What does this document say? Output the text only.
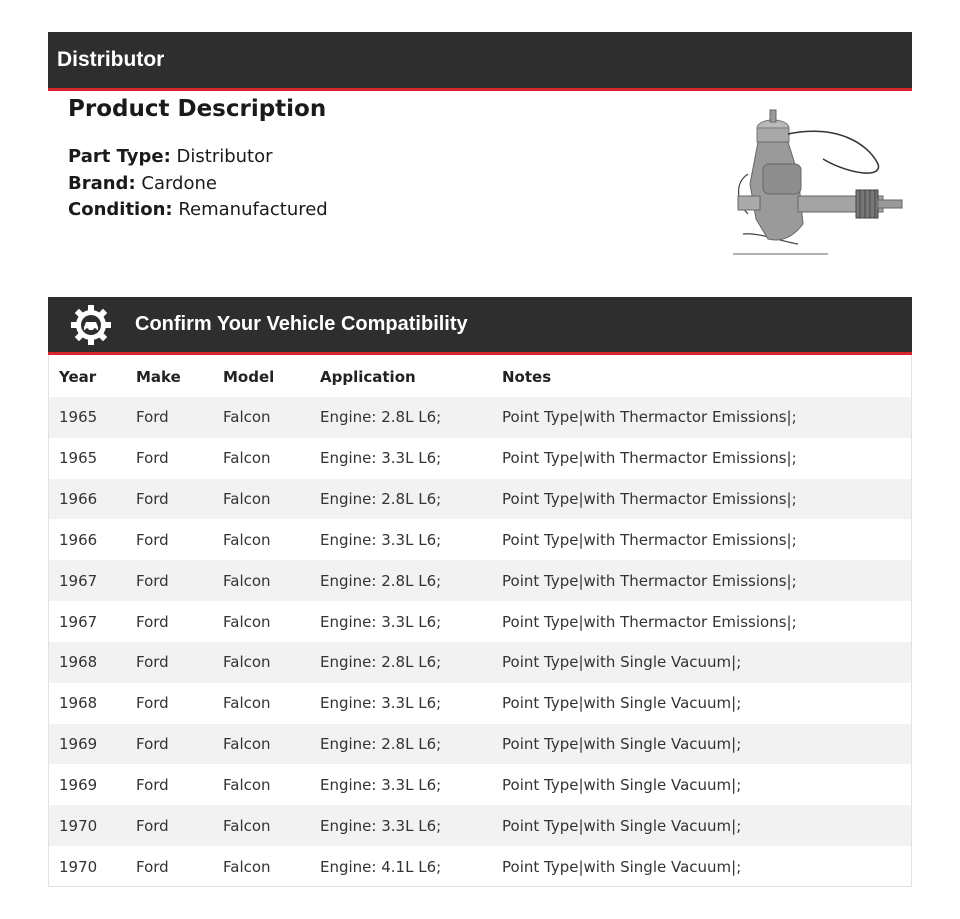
Distributor
Product Description
Part Type: Distributor
Brand: Cardone
Condition: Remanufactured
Confirm Your Vehicle Compatibility
Year	Make	Model	Application	Notes
1965	Ford	Falcon	Engine: 2.8L L6;	Point Type|with Thermactor Emissions|;
1965	Ford	Falcon	Engine: 3.3L L6;	Point Type|with Thermactor Emissions|;
1966	Ford	Falcon	Engine: 2.8L L6;	Point Type|with Thermactor Emissions|;
1966	Ford	Falcon	Engine: 3.3L L6;	Point Type|with Thermactor Emissions|;
1967	Ford	Falcon	Engine: 2.8L L6;	Point Type|with Thermactor Emissions|;
1967	Ford	Falcon	Engine: 3.3L L6;	Point Type|with Thermactor Emissions|;
1968	Ford	Falcon	Engine: 2.8L L6;	Point Type|with Single Vacuum|;
1968	Ford	Falcon	Engine: 3.3L L6;	Point Type|with Single Vacuum|;
1969	Ford	Falcon	Engine: 2.8L L6;	Point Type|with Single Vacuum|;
1969	Ford	Falcon	Engine: 3.3L L6;	Point Type|with Single Vacuum|;
1970	Ford	Falcon	Engine: 3.3L L6;	Point Type|with Single Vacuum|;
1970	Ford	Falcon	Engine: 4.1L L6;	Point Type|with Single Vacuum|;
